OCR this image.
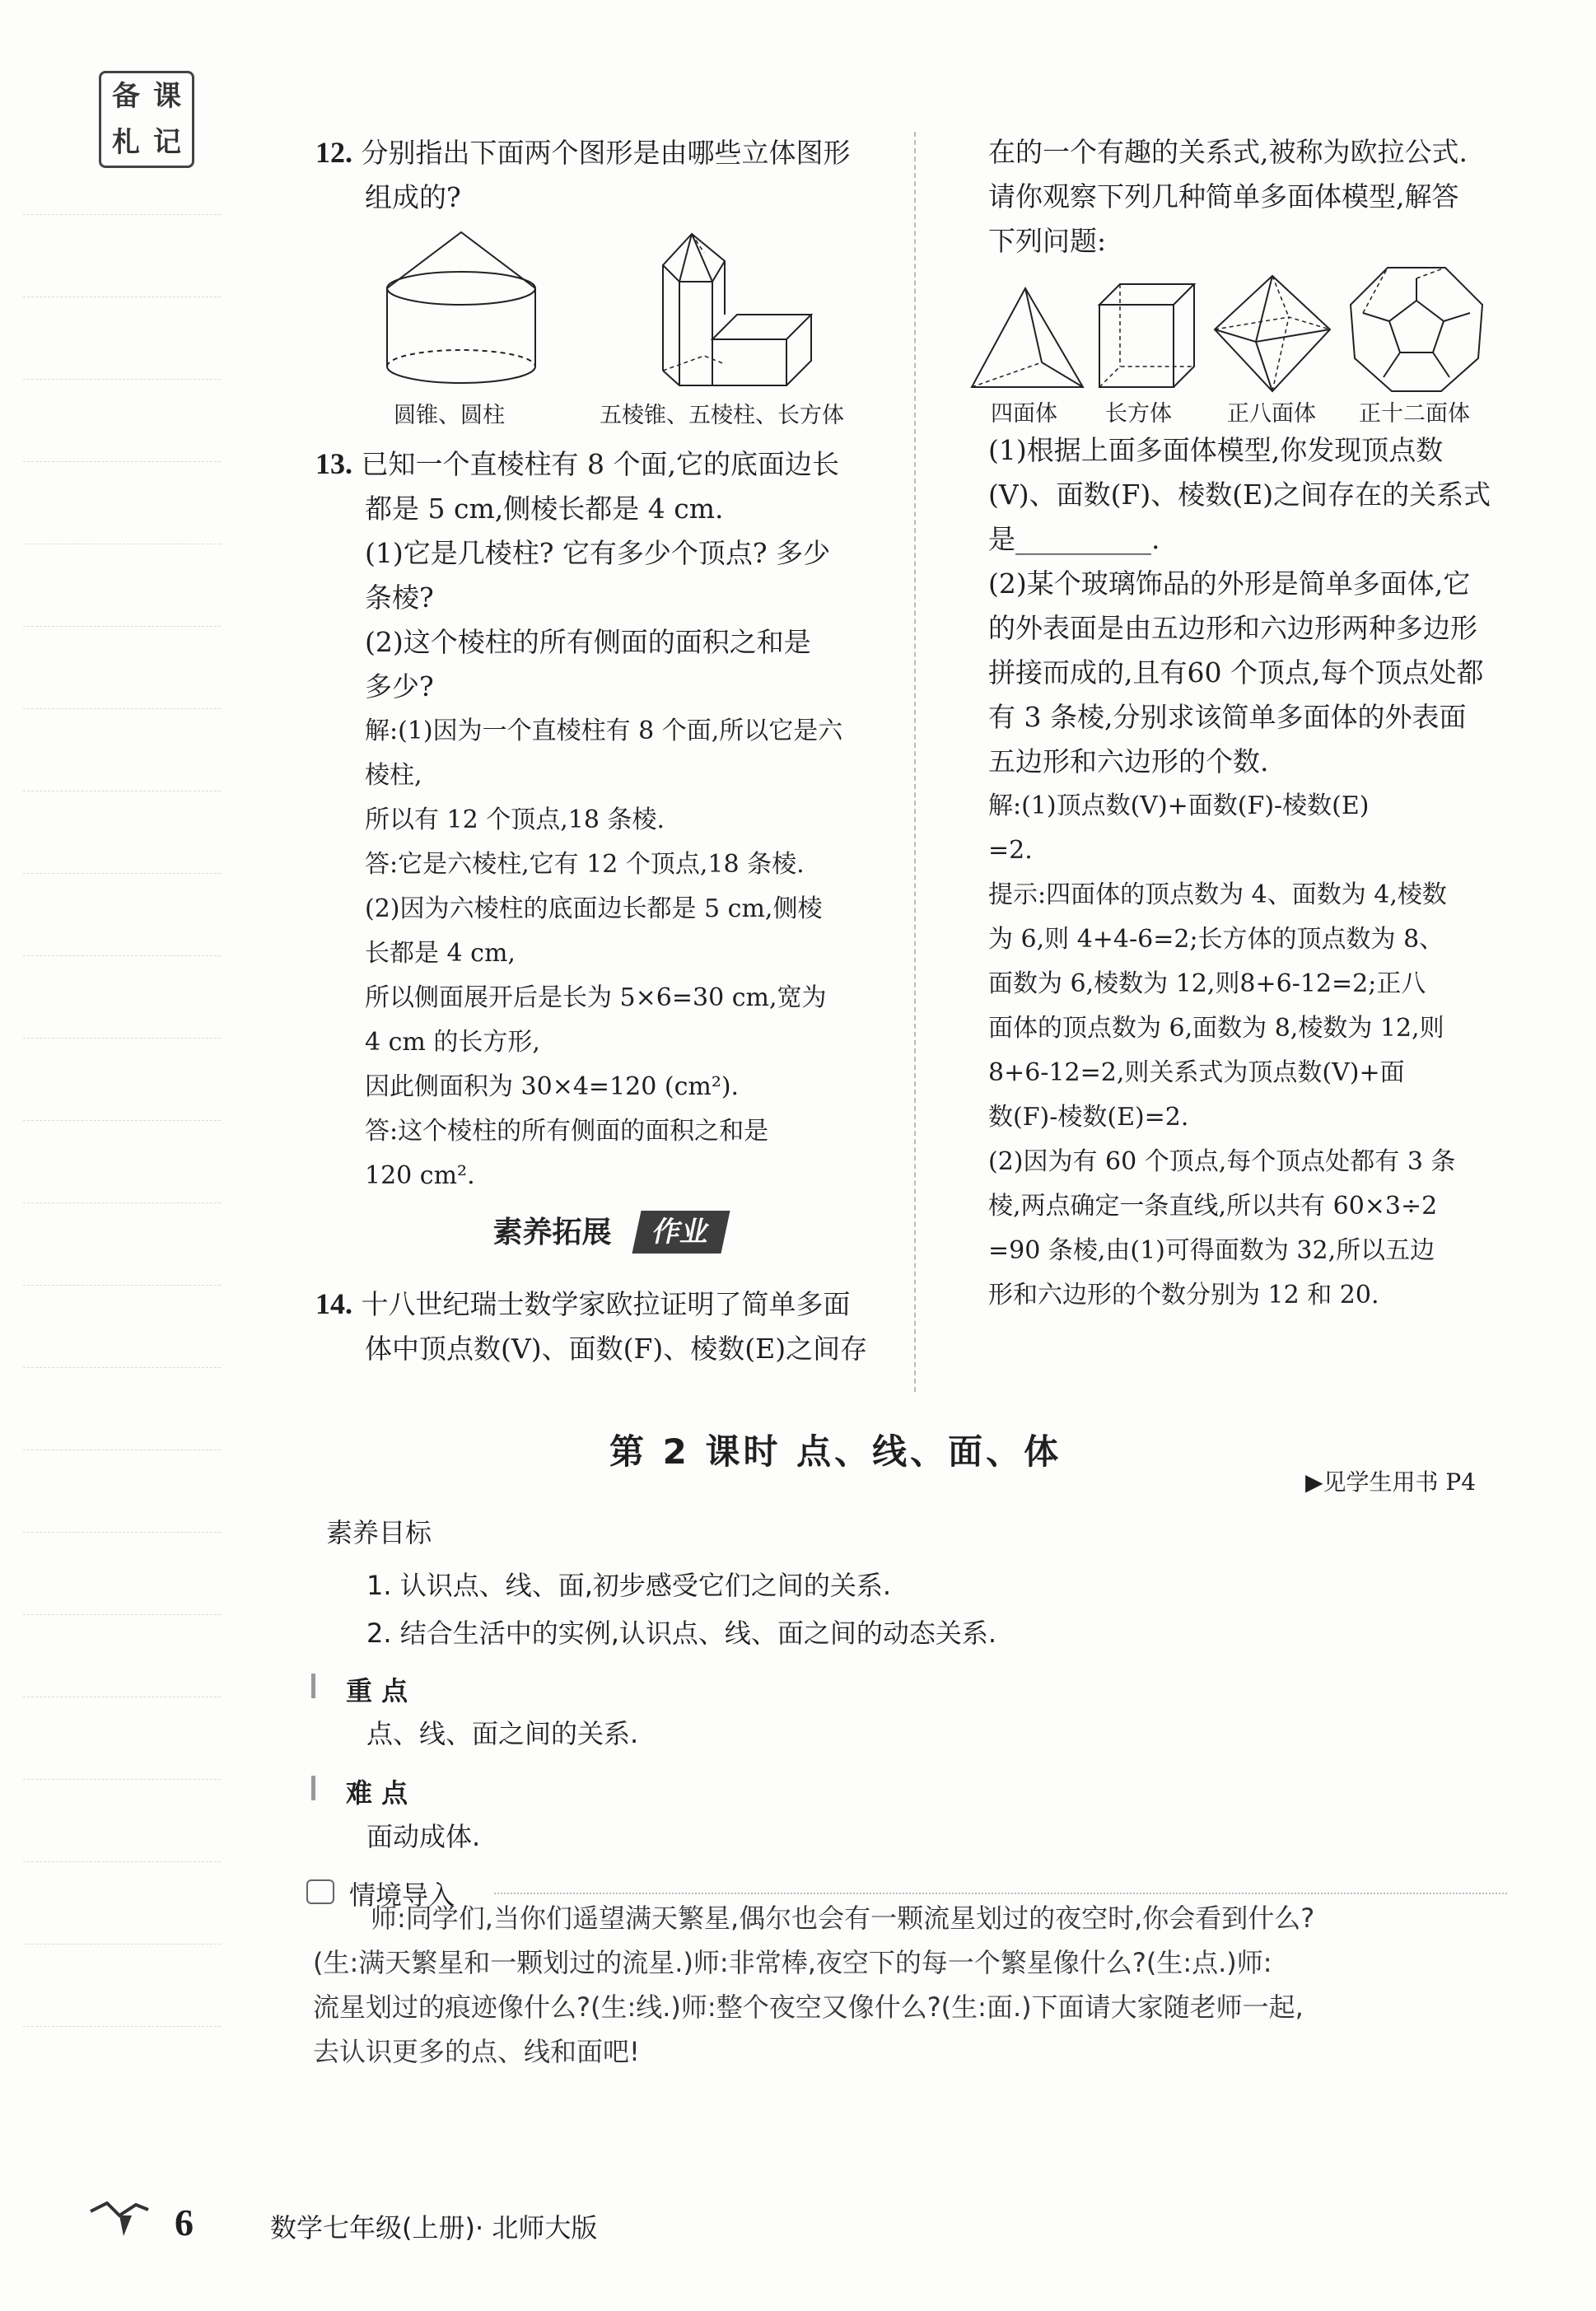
备 课
札 记	12. 分别指出下面两个图形是由哪些立体图形
组成的?
圆锥、圆柱	五棱锥、五棱柱、长方体
13. 已知一个直棱柱有 8 个面,它的底面边长
都是 5 cm,侧棱长都是 4 cm.
(1)它是几棱柱? 它有多少个顶点? 多少
条棱?
(2)这个棱柱的所有侧面的面积之和是
多少?
解:(1)因为一个直棱柱有 8 个面,所以它是六
棱柱,
所以有 12 个顶点,18 条棱.
答:它是六棱柱,它有 12 个顶点,18 条棱.
(2)因为六棱柱的底面边长都是 5 cm,侧棱
长都是 4 cm,
所以侧面展开后是长为 5×6=30 cm,宽为
4 cm 的长方形,
因此侧面积为 30×4=120 (cm²).
答:这个棱柱的所有侧面的面积之和是
120 cm².
素养拓展	作业
14. 十八世纪瑞士数学家欧拉证明了简单多面
体中顶点数(V)、面数(F)、棱数(E)之间存
在的一个有趣的关系式,被称为欧拉公式.
请你观察下列几种简单多面体模型,解答
下列问题:
四面体 长方体 正八面体 正十二面体
(1)根据上面多面体模型,你发现顶点数
(V)、面数(F)、棱数(E)之间存在的关系式
是__________.
(2)某个玻璃饰品的外形是简单多面体,它
的外表面是由五边形和六边形两种多边形
拼接而成的,且有60 个顶点,每个顶点处都
有 3 条棱,分别求该简单多面体的外表面
五边形和六边形的个数.
解:(1)顶点数(V)+面数(F)-棱数(E)
=2.
提示:四面体的顶点数为 4、面数为 4,棱数
为 6,则 4+4-6=2;长方体的顶点数为 8、
面数为 6,棱数为 12,则8+6-12=2;正八
面体的顶点数为 6,面数为 8,棱数为 12,则
8+6-12=2,则关系式为顶点数(V)+面
数(F)-棱数(E)=2.
(2)因为有 60 个顶点,每个顶点处都有 3 条
棱,两点确定一条直线,所以共有 60×3÷2
=90 条棱,由(1)可得面数为 32,所以五边
形和六边形的个数分别为 12 和 20.
第 2 课时 点、线、面、体
▶见学生用书 P4
素养目标
1. 认识点、线、面,初步感受它们之间的关系.
2. 结合生活中的实例,认识点、线、面之间的动态关系.
重 点
点、线、面之间的关系.
难 点
面动成体.
情境导入
师:同学们,当你们遥望满天繁星,偶尔也会有一颗流星划过的夜空时,你会看到什么?
(生:满天繁星和一颗划过的流星.)师:非常棒,夜空下的每一个繁星像什么?(生:点.)师:
流星划过的痕迹像什么?(生:线.)师:整个夜空又像什么?(生:面.)下面请大家随老师一起,
去认识更多的点、线和面吧!
6	数学七年级(上册)· 北师大版
